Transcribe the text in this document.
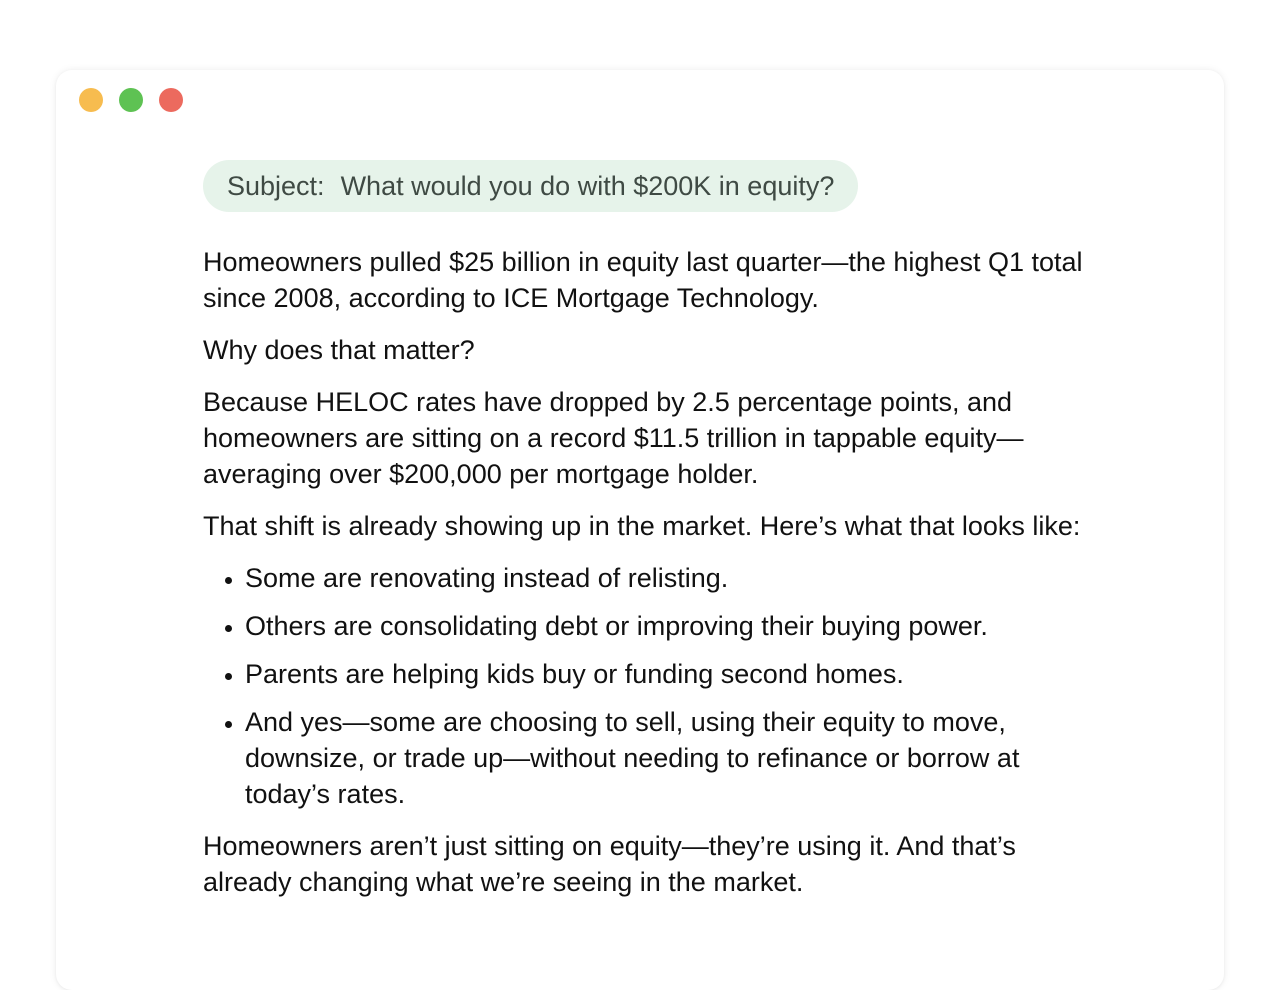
Subject: What would you do with $200K in equity?

Homeowners pulled $25 billion in equity last quarter—the highest Q1 total since 2008, according to ICE Mortgage Technology.

Why does that matter?

Because HELOC rates have dropped by 2.5 percentage points, and homeowners are sitting on a record $11.5 trillion in tappable equity—averaging over $200,000 per mortgage holder.

That shift is already showing up in the market. Here’s what that looks like:

• Some are renovating instead of relisting.
• Others are consolidating debt or improving their buying power.
• Parents are helping kids buy or funding second homes.
• And yes—some are choosing to sell, using their equity to move, downsize, or trade up—without needing to refinance or borrow at today’s rates.

Homeowners aren’t just sitting on equity—they’re using it. And that’s already changing what we’re seeing in the market.
